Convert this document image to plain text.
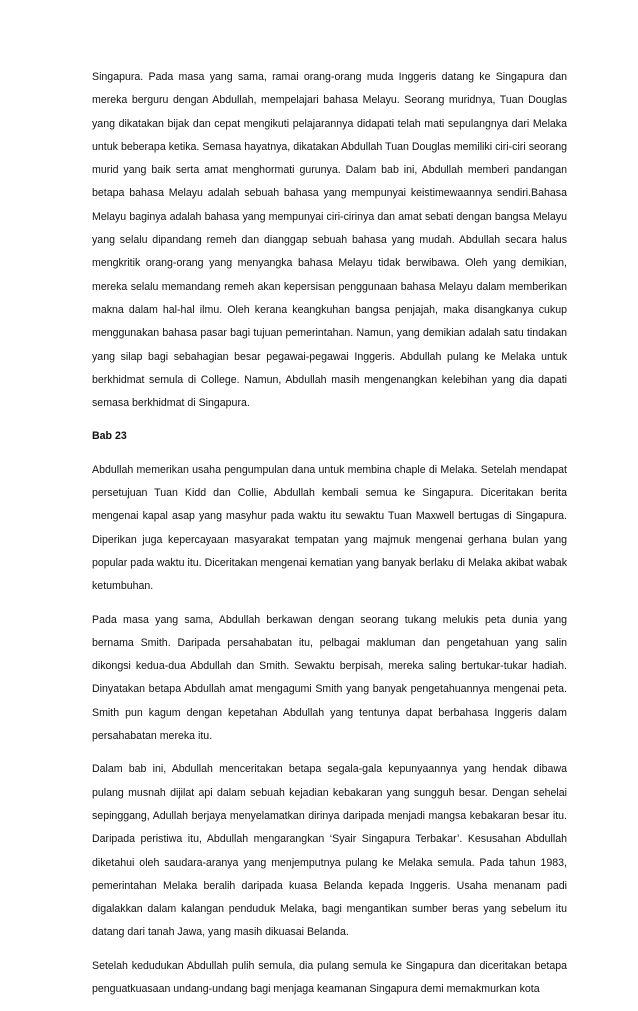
Singapura. Pada masa yang sama, ramai orang-orang muda Inggeris datang ke Singapura dan mereka berguru dengan Abdullah, mempelajari bahasa Melayu. Seorang muridnya, Tuan Douglas yang dikatakan bijak dan cepat mengikuti pelajarannya didapati telah mati sepulangnya dari Melaka untuk beberapa ketika. Semasa hayatnya, dikatakan Abdullah Tuan Douglas memiliki ciri-ciri seorang murid yang baik serta amat menghormati gurunya. Dalam bab ini, Abdullah memberi pandangan betapa bahasa Melayu adalah sebuah bahasa yang mempunyai keistimewaannya sendiri.Bahasa Melayu baginya adalah bahasa yang mempunyai ciri-cirinya dan amat sebati dengan bangsa Melayu yang selalu dipandang remeh dan dianggap sebuah bahasa yang mudah. Abdullah secara halus mengkritik orang-orang yang menyangka bahasa Melayu tidak berwibawa. Oleh yang demikian, mereka selalu memandang remeh akan kepersisan penggunaan bahasa Melayu dalam memberikan makna dalam hal-hal ilmu. Oleh kerana keangkuhan bangsa penjajah, maka disangkanya cukup menggunakan bahasa pasar bagi tujuan pemerintahan. Namun, yang demikian adalah satu tindakan yang silap bagi sebahagian besar pegawai-pegawai Inggeris. Abdullah pulang ke Melaka untuk berkhidmat semula di College. Namun, Abdullah masih mengenangkan kelebihan yang dia dapati semasa berkhidmat di Singapura.

Bab 23

Abdullah memerikan usaha pengumpulan dana untuk membina chaple di Melaka. Setelah mendapat persetujuan Tuan Kidd dan Collie, Abdullah kembali semua ke Singapura. Diceritakan berita mengenai kapal asap yang masyhur pada waktu itu sewaktu Tuan Maxwell bertugas di Singapura. Diperikan juga kepercayaan masyarakat tempatan yang majmuk mengenai gerhana bulan yang popular pada waktu itu. Diceritakan mengenai kematian yang banyak berlaku di Melaka akibat wabak ketumbuhan.

Pada masa yang sama, Abdullah berkawan dengan seorang tukang melukis peta dunia yang bernama Smith. Daripada persahabatan itu, pelbagai makluman dan pengetahuan yang salin dikongsi kedua-dua Abdullah dan Smith. Sewaktu berpisah, mereka saling bertukar-tukar hadiah. Dinyatakan betapa Abdullah amat mengagumi Smith yang banyak pengetahuannya mengenai peta. Smith pun kagum dengan kepetahan Abdullah yang tentunya dapat berbahasa Inggeris dalam persahabatan mereka itu.

Dalam bab ini, Abdullah menceritakan betapa segala-gala kepunyaannya yang hendak dibawa pulang musnah dijilat api dalam sebuah kejadian kebakaran yang sungguh besar. Dengan sehelai sepinggang, Adullah berjaya menyelamatkan dirinya daripada menjadi mangsa kebakaran besar itu. Daripada peristiwa itu, Abdullah mengarangkan ‘Syair Singapura Terbakar’. Kesusahan Abdullah diketahui oleh saudara-aranya yang menjemputnya pulang ke Melaka semula. Pada tahun 1983, pemerintahan Melaka beralih daripada kuasa Belanda kepada Inggeris. Usaha menanam padi digalakkan dalam kalangan penduduk Melaka, bagi mengantikan sumber beras yang sebelum itu datang dari tanah Jawa, yang masih dikuasai Belanda.

Setelah kedudukan Abdullah pulih semula, dia pulang semula ke Singapura dan diceritakan betapa penguatkuasaan undang-undang bagi menjaga keamanan Singapura demi memakmurkan kota
